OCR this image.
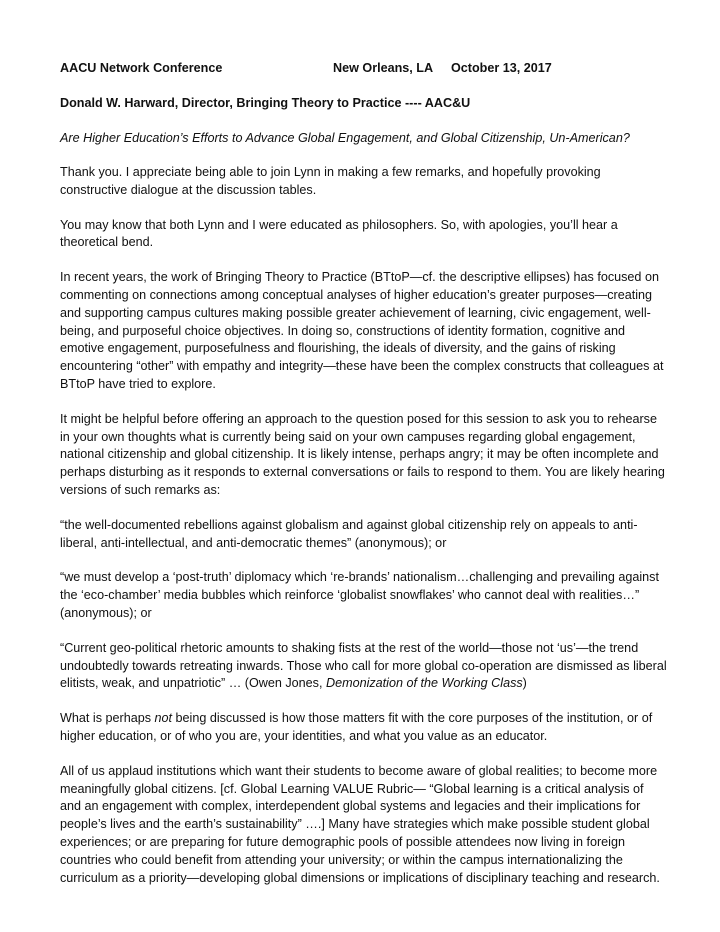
AACU Network Conference	New Orleans, LA October 13, 2017
Donald W. Harward, Director, Bringing Theory to Practice ---- AAC&U
Are Higher Education’s Efforts to Advance Global Engagement, and Global Citizenship, Un-American?

Thank you. I appreciate being able to join Lynn in making a few remarks, and hopefully provoking constructive dialogue at the discussion tables.

You may know that both Lynn and I were educated as philosophers. So, with apologies, you’ll hear a theoretical bend.

In recent years, the work of Bringing Theory to Practice (BTtoP—cf. the descriptive ellipses) has focused on commenting on connections among conceptual analyses of higher education’s greater purposes—creating and supporting campus cultures making possible greater achievement of learning, civic engagement, well-being, and purposeful choice objectives. In doing so, constructions of identity formation, cognitive and emotive engagement, purposefulness and flourishing, the ideals of diversity, and the gains of risking encountering “other” with empathy and integrity—these have been the complex constructs that colleagues at BTtoP have tried to explore.

It might be helpful before offering an approach to the question posed for this session to ask you to rehearse in your own thoughts what is currently being said on your own campuses regarding global engagement, national citizenship and global citizenship. It is likely intense, perhaps angry; it may be often incomplete and perhaps disturbing as it responds to external conversations or fails to respond to them. You are likely hearing versions of such remarks as:

“the well-documented rebellions against globalism and against global citizenship rely on appeals to anti-liberal, anti-intellectual, and anti-democratic themes” (anonymous); or

“we must develop a ‘post-truth’ diplomacy which ‘re-brands’ nationalism…challenging and prevailing against the ‘eco-chamber’ media bubbles which reinforce ‘globalist snowflakes’ who cannot deal with realities…” (anonymous); or

“Current geo-political rhetoric amounts to shaking fists at the rest of the world—those not ‘us’—the trend undoubtedly towards retreating inwards. Those who call for more global co-operation are dismissed as liberal elitists, weak, and unpatriotic” … (Owen Jones, Demonization of the Working Class)

What is perhaps not being discussed is how those matters fit with the core purposes of the institution, or of higher education, or of who you are, your identities, and what you value as an educator.

All of us applaud institutions which want their students to become aware of global realities; to become more meaningfully global citizens. [cf. Global Learning VALUE Rubric— “Global learning is a critical analysis of and an engagement with complex, interdependent global systems and legacies and their implications for people’s lives and the earth’s sustainability” ….] Many have strategies which make possible student global experiences; or are preparing for future demographic pools of possible attendees now living in foreign countries who could benefit from attending your university; or within the campus internationalizing the curriculum as a priority—developing global dimensions or implications of disciplinary teaching and research.
